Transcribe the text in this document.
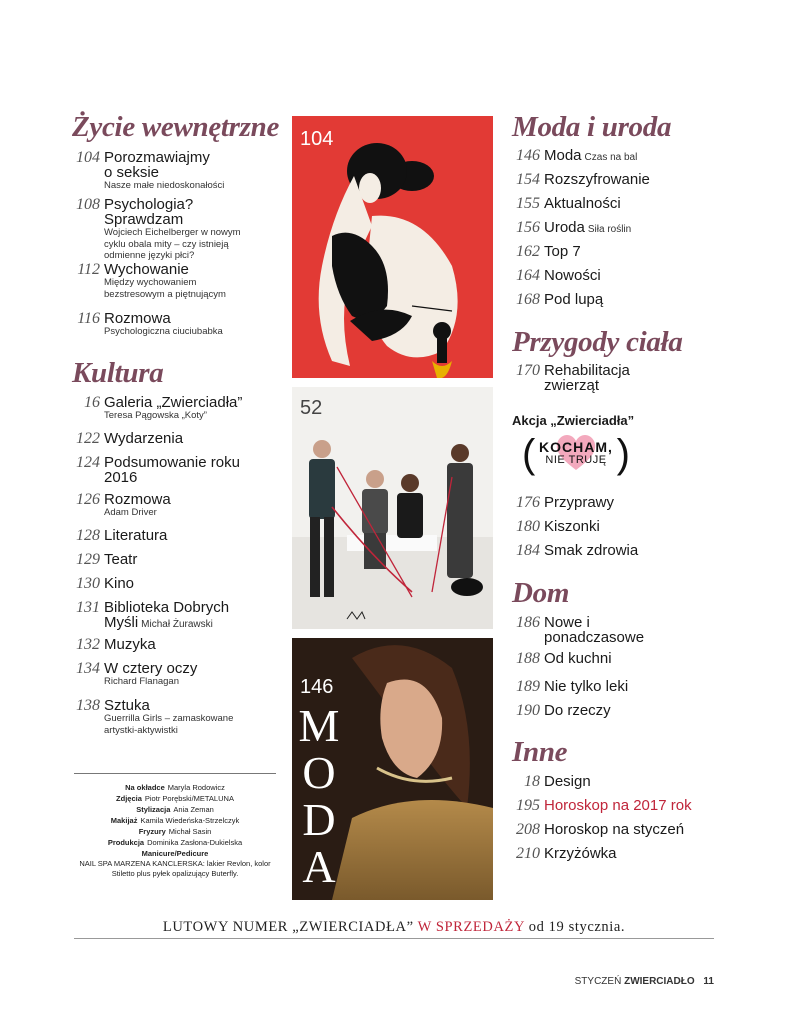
Życie wewnętrzne
104 Porozmawiajmy o seksie
Nasze małe niedoskonałości
108 Psychologia? Sprawdzam
Wojciech Eichelberger w nowym cyklu obala mity – czy istnieją odmienne języki płci?
112 Wychowanie
Między wychowaniem bezstresowym a piętnującym
116 Rozmowa
Psychologiczna ciuciubabka
Kultura
16 Galeria „Zwierciadła”
Teresa Pągowska „Koty”
122 Wydarzenia
124 Podsumowanie roku 2016
126 Rozmowa
Adam Driver
128 Literatura
129 Teatr
130 Kino
131 Biblioteka Dobrych Myśli Michał Żurawski
132 Muzyka
134 W cztery oczy
Richard Flanagan
138 Sztuka
Guerrilla Girls – zamaskowane artystki-aktywistki
Na okładce Maryla Rodowicz
Zdjęcia Piotr Porębski/METALUNA
Stylizacja Ania Zeman
Makijaż Kamila Wiedeńska-Strzelczyk
Fryzury Michał Sasin
Produkcja Dominika Zasłona-Dukielska
Manicure/Pedicure
NAIL SPA MARZENA KANCLERSKA: lakier Revlon, kolor Stiletto plus pyłek opalizujący Buterfly.
104
52
146
MODA
Moda i uroda
146 Moda Czas na bal
154 Rozszyfrowanie
155 Aktualności
156 Uroda Siła roślin
162 Top 7
164 Nowości
168 Pod lupą
Przygody ciała
170 Rehabilitacja zwierząt
Akcja „Zwierciadła”
( )
KOCHAM,
NIE TRUJĘ
176 Przyprawy
180 Kiszonki
184 Smak zdrowia
Dom
186 Nowe i ponadczasowe
188 Od kuchni
189 Nie tylko leki
190 Do rzeczy
Inne
18 Design
195 Horoskop na 2017 rok
208 Horoskop na styczeń
210 Krzyżówka
LUTOWY NUMER „ZWIERCIADŁA” W SPRZEDAŻY od 19 stycznia.
STYCZEŃ ZWIERCIADŁO 11
